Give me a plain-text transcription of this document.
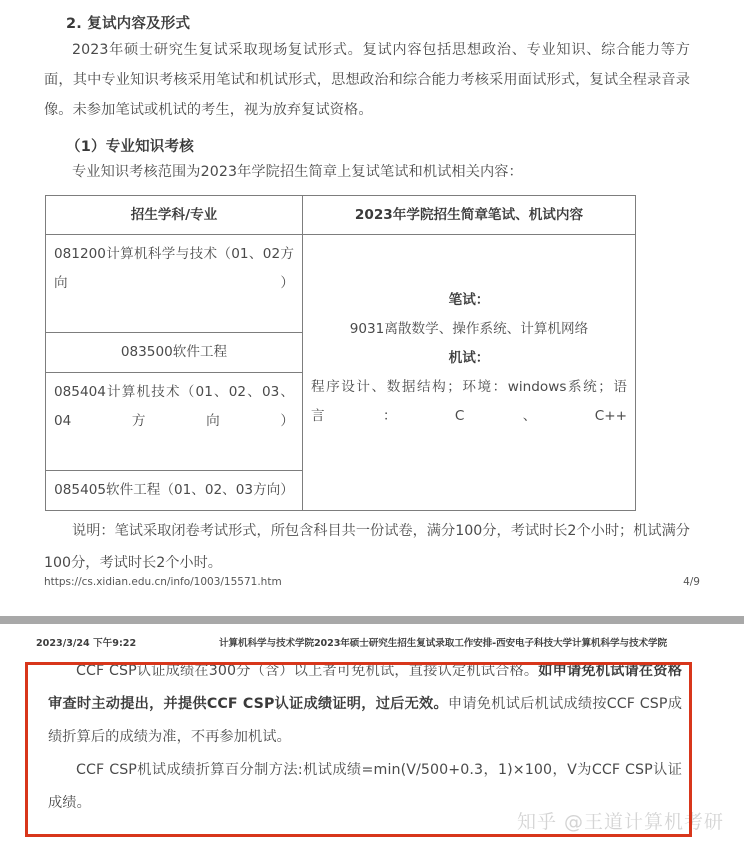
2. 复试内容及形式

2023年硕士研究生复试采取现场复试形式。复试内容包括思想政治、专业知识、综合能力等方面，其中专业知识考核采用笔试和机试形式，思想政治和综合能力考核采用面试形式，复试全程录音录像。未参加笔试或机试的考生，视为放弃复试资格。

（1）专业知识考核

专业知识考核范围为2023年学院招生简章上复试笔试和机试相关内容：

招生学科/专业	2023年学院招生简章笔试、机试内容
081200计算机科学与技术（01、02方向）	笔试：
9031离散数学、操作系统、计算机网络
机试：
程序设计、数据结构；环境：windows系统；语言：C、C++

083500软件工程	
085404计算机技术（01、02、03、04方向）	
085405软件工程（01、02、03方向）	

说明：笔试采取闭卷考试形式，所包含科目共一份试卷，满分100分，考试时长2个小时；机试满分100分，考试时长2个小时。

https://cs.xidian.edu.cn/info/1003/15571.htm	4/9
2023/3/24 下午9:22	计算机科学与技术学院2023年硕士研究生招生复试录取工作安排-西安电子科技大学计算机科学与技术学院

CCF CSP认证成绩在300分（含）以上者可免机试，直接认定机试合格。如申请免机试请在资格审查时主动提出，并提供CCF CSP认证成绩证明，过后无效。申请免机试后机试成绩按CCF CSP成绩折算后的成绩为准，不再参加机试。

CCF CSP机试成绩折算百分制方法:机试成绩=min(V/500+0.3，1)×100，V为CCF CSP认证成绩。

知乎 @王道计算机考研
